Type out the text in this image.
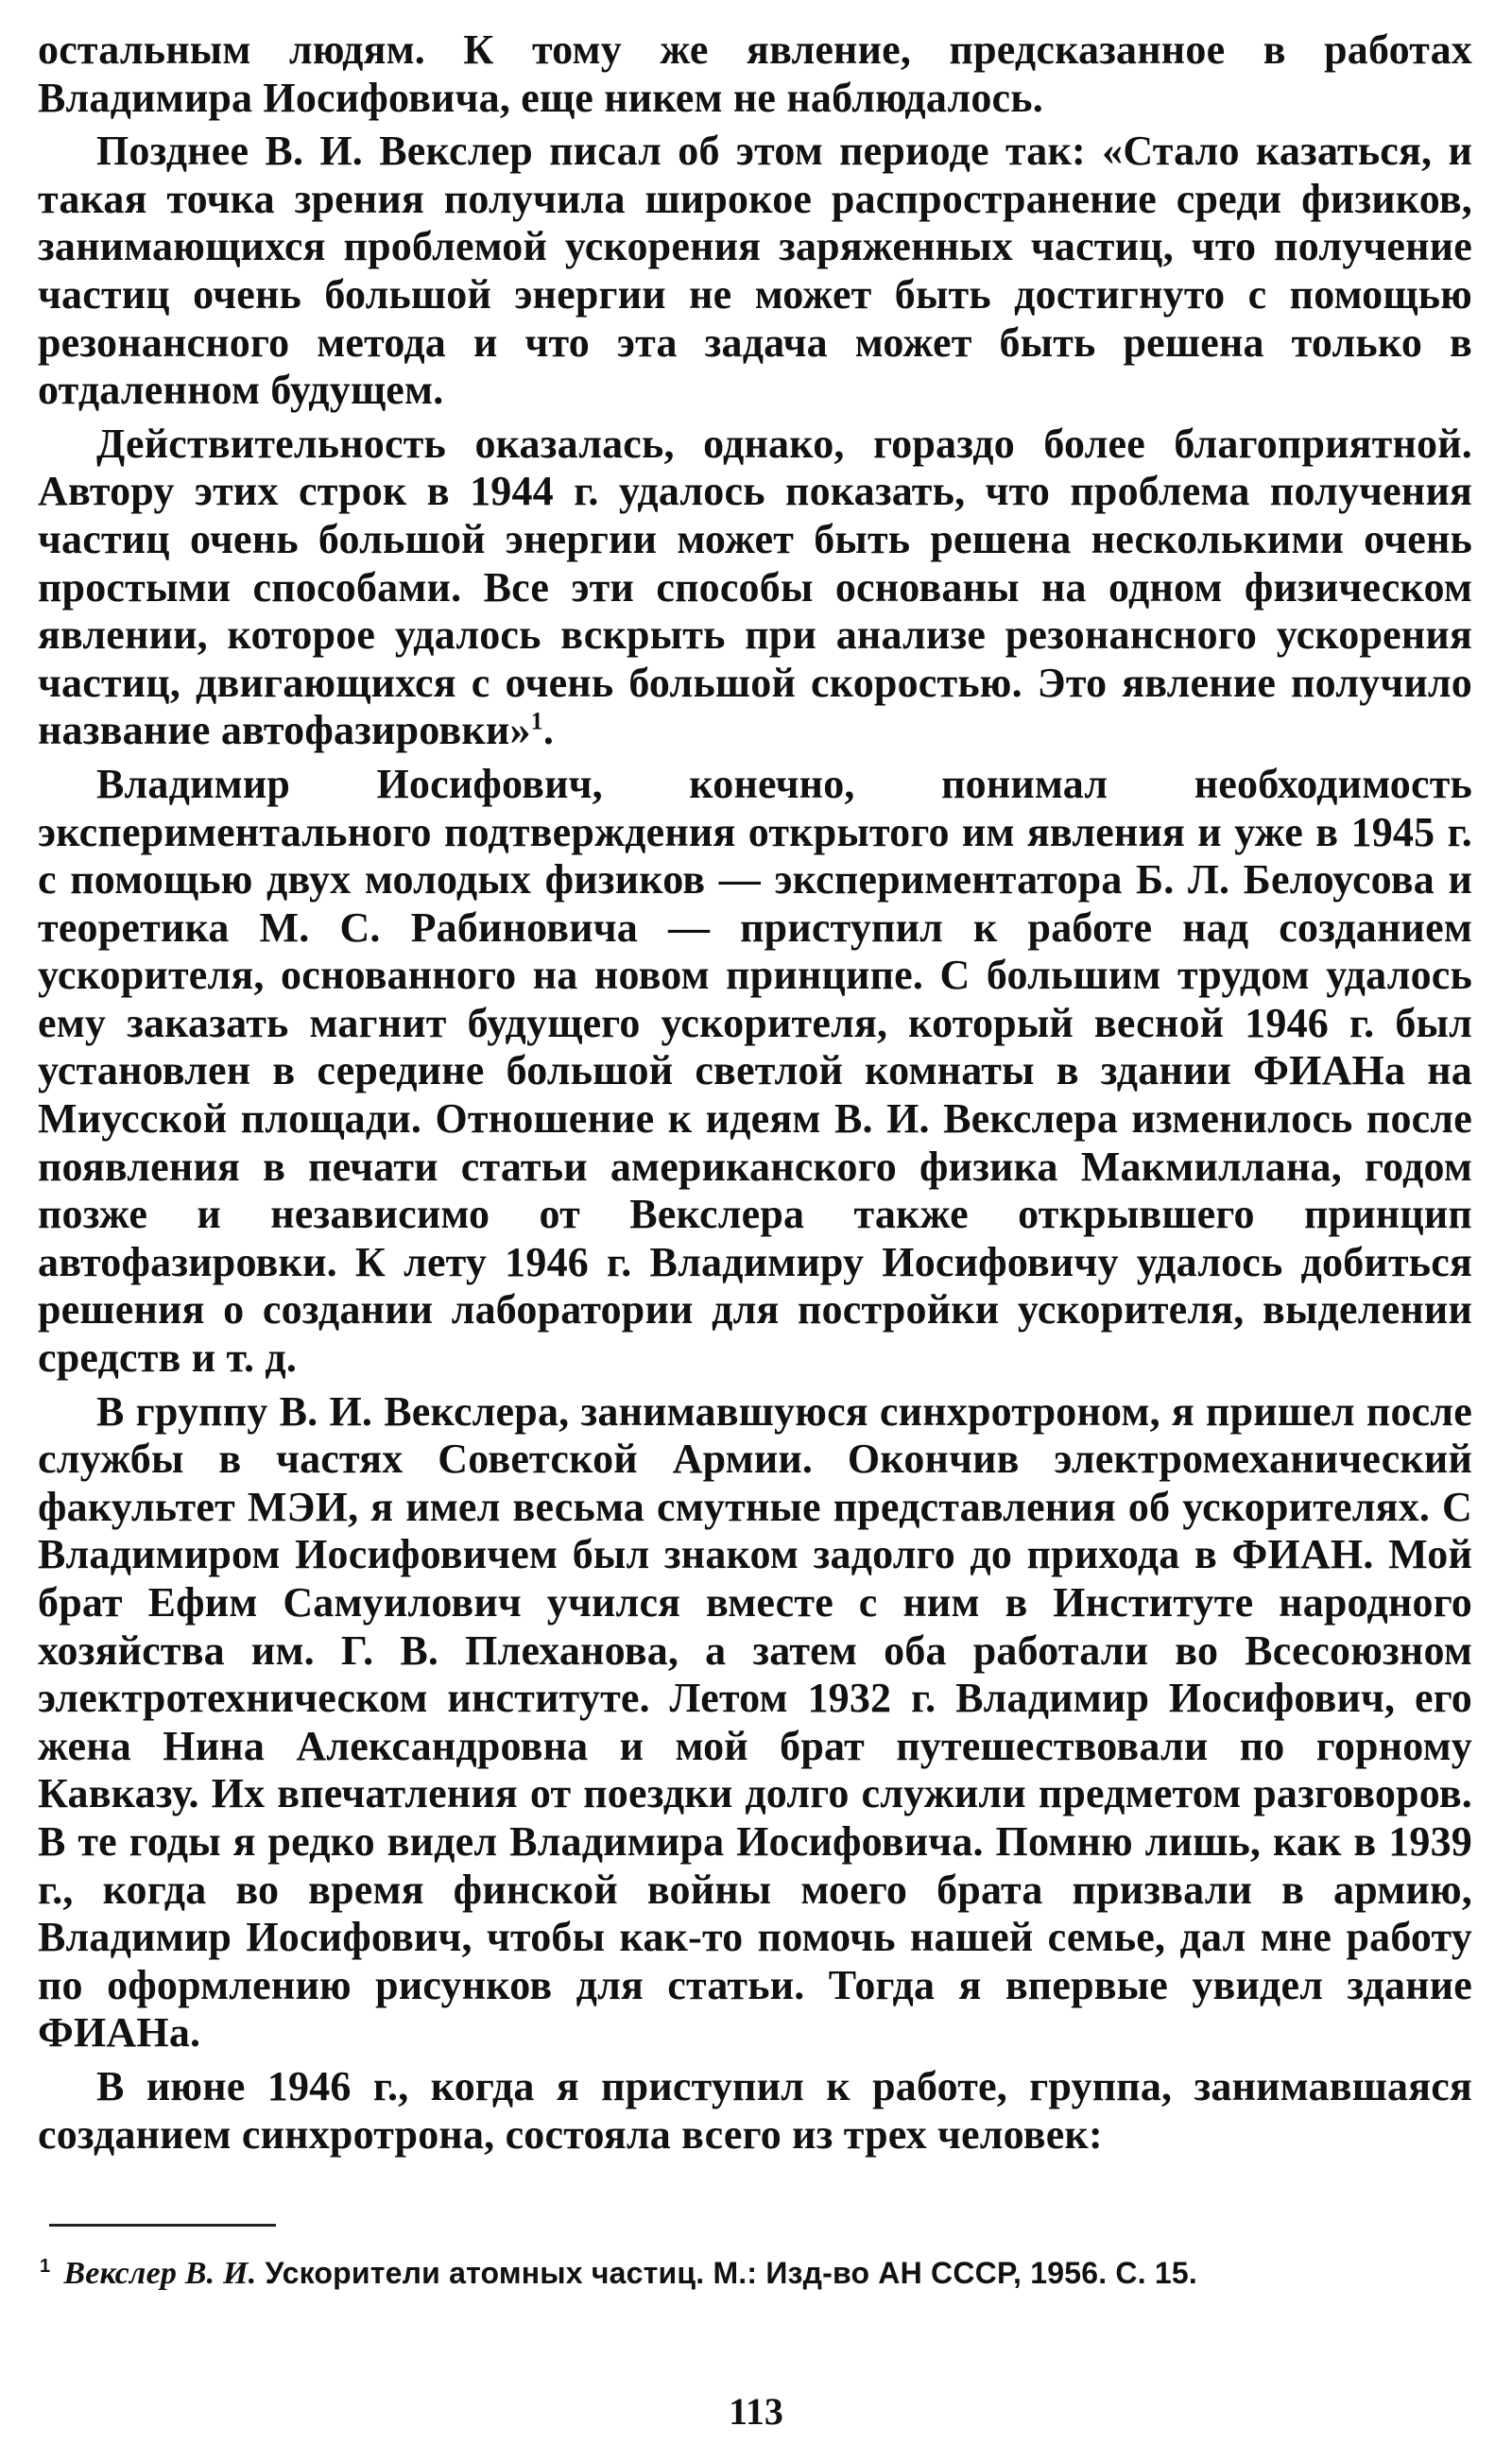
остальным людям. К тому же явление, предсказанное в работах Владимира Иосифовича, еще никем не наблюдалось.

Позднее В. И. Векслер писал об этом периоде так: «Стало казаться, и такая точка зрения получила широкое распространение среди физиков, занимающихся проблемой ускорения заряженных частиц, что получение частиц очень большой энергии не может быть достигнуто с помощью резонансного метода и что эта задача может быть решена только в отдаленном будущем.

Действительность оказалась, однако, гораздо более благоприятной. Автору этих строк в 1944 г. удалось показать, что проблема получения частиц очень большой энергии может быть решена несколькими очень простыми способами. Все эти способы основаны на одном физическом явлении, которое удалось вскрыть при анализе резонансного ускорения частиц, двигающихся с очень большой скоростью. Это явление получило название автофазировки»$^1$.

Владимир Иосифович, конечно, понимал необходимость экспериментального подтверждения открытого им явления и уже в 1945 г. с помощью двух молодых физиков — экспериментатора Б. Л. Белоусова и теоретика М. С. Рабиновича — приступил к работе над созданием ускорителя, основанного на новом принципе. С большим трудом удалось ему заказать магнит будущего ускорителя, который весной 1946 г. был установлен в середине большой светлой комнаты в здании ФИАНа на Миусской площади. Отношение к идеям В. И. Векслера изменилось после появления в печати статьи американского физика Макмиллана, годом позже и независимо от Векслера также открывшего принцип автофазировки. К лету 1946 г. Владимиру Иосифовичу удалось добиться решения о создании лаборатории для постройки ускорителя, выделении средств и т. д.

В группу В. И. Векслера, занимавшуюся синхротроном, я пришел после службы в частях Советской Армии. Окончив электромеханический факультет МЭИ, я имел весьма смутные представления об ускорителях. С Владимиром Иосифовичем был знаком задолго до прихода в ФИАН. Мой брат Ефим Самуилович учился вместе с ним в Институте народного хозяйства им. Г. В. Плеханова, а затем оба работали во Всесоюзном электротехническом институте. Летом 1932 г. Владимир Иосифович, его жена Нина Александровна и мой брат путешествовали по горному Кавказу. Их впечатления от поездки долго служили предметом разговоров. В те годы я редко видел Владимира Иосифовича. Помню лишь, как в 1939 г., когда во время финской войны моего брата призвали в армию, Владимир Иосифович, чтобы как-то помочь нашей семье, дал мне работу по оформлению рисунков для статьи. Тогда я впервые увидел здание ФИАНа.

В июне 1946 г., когда я приступил к работе, группа, занимавшаяся созданием синхротрона, состояла всего из трех человек:

$^1$ Векслер В. И. Ускорители атомных частиц. М.: Изд-во АН СССР, 1956. С. 15.
113
